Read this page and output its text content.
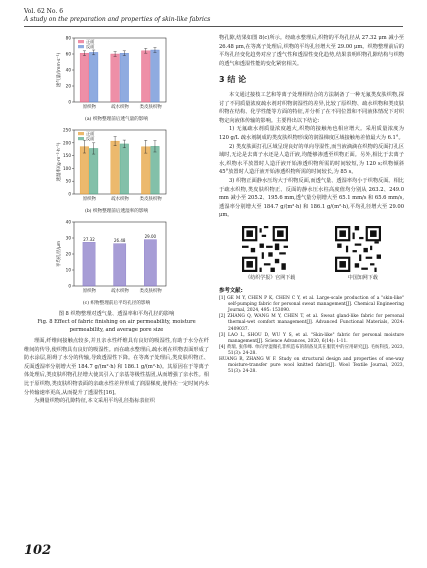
Vol. 62 No. 6
A study on the preparation and properties of skin-like fabrics
0
20
40
60
80
透气量/(mm·s⁻¹)
原织物	疏水织物 类皮肤织物
正面
反面
(a) 织物整理前后透气量的影响
0
50
100
150
200
250
透湿率/(g·m⁻²·h⁻¹)
原织物	疏水织物 类皮肤织物
正面
反面
(b) 织物整理前后透湿率的影响
0
10
20
30
40
平均孔径/μm
27.32
原织物
26.48
疏水织物
29.00
类皮肤织物
(c) 织物整理前后平均孔径的影响
图 8 织物整理对透气量、透湿率和平均孔径的影响
Fig. 8 Effect of fabric finishing on air permeability, moisture permeability, and average pore size

理面,纤维间接触点较多,并且亲水性纤维具有良好的吸湿性,有助于水分在纤维间的传导,使织物具有良好的吸湿性。而在疏水整理后,疏水剂在织物表面形成了防水涂层,阻碍了水分的传输,导致透湿性下降。在等离子处理后,类皮肤织物正、反面透湿率分别增大至 184.7 g/(m²·h) 和 186.1 g/(m²·h)。其原因在于等离子体处理后,类皮肤织物孔径增大使其引入了亲基等极性基团,从而增强了亲水性。相比于原织物,类皮肤织物表面的亲疏水性差异形成了润湿梯度,使得在一定时间内水分传输速率更高,从而提升了透湿性[16]。

为测量织物的孔隙特征,本文采用平均孔径指标表征织

物孔隙,结果如图 8(c)所示。经疏水整理后,织物的平均孔径从 27.32 μm 减小至 26.48 μm,在等离子处理后,织物的平均孔径增大至 29.00 μm。织物整理前后的平均孔径变化趋势对应了透气性和透湿性变化趋势,结果表明织物孔隙结构与织物的透气和透湿性能的变化紧密相关。

3 结 论

本文通过接枝工艺和等离子处理相结合的方法制备了一种无氟类皮肤织物,探讨了不同质量浓度疏水剂对织物润湿性的差异,比较了原织物、疏水织物和类皮肤织物在结构、化学性能等方面的特征,并分析了在不同位置和不同液体情况下对织物定向液体传输的影响。主要得出以下结论:

1) 无氟疏水剂质量浓度越大,织物的接触角也相应增大。采用质量浓度为 120 g/L 疏水剂制成的类皮肤织物形成的润湿梯度区域接触角差值最大为 6.1°。

2) 类皮肤面打孔区域呈现良好的单向导湿性,而当液滴滴在织物的反面打孔区域时,无论是去离子水还是人造汗液,均能够渗透至织物正面。另外,相比于去离子水,织物水平放置时人造汗液开始渗透织物所需的时间较短,为 120 s;织物倾斜 45°放置时人造汗液开始渗透织物所需的时间较长,为 85 s。

3) 织物正面静水压均大于织物反面,而透气量、透湿率均小于织物反面。相比于疏水织物,类皮肤织物正、反面的静水压水柱高度值均分别从 263.2、249.0 mm 减小至 205.2、195.6 mm,透气量分别增大至 65.1 mm/s 和 65.6 mm/s,透湿率分别增大至 184.7 g/(m²·h) 和 186.1 g/(m²·h),平均孔径增大至 29.00 μm。

《纺织学报》官网下载	中国知网下载
参考文献:
[1] GE M Y, CHEN P K, CHEN C Y, et al. Large-scale production of a "skin-like" self-pumping fabric for personal sweat management[J]. Chemical Engineering Journal, 2024, 495: 153090.
[2] ZHANG Q, WANG M Y, CHEN T, et al. Sweat gland-like fabric for personal thermal-wet comfort management[J]. Advanced Functional Materials, 2024: 2409037.
[3] LAO L, SHOU D, WU Y S, et al. "Skin-like" fabric for personal moisture management[J]. Science Advances, 2020, 6(14): 1-11.
[4] 黄瑞, 张伟峰. 单向导湿微孔非织造布的制备及其在服装中的应用研究[J]. 毛纺科技, 2023, 51(3): 24-28.
HUANG R, ZHANG W F. Study on structural design and properties of one-way moisture-transfer pure wool knitted fabric[J]. Wool Textile Journal, 2023, 51(3): 24-28.
102
